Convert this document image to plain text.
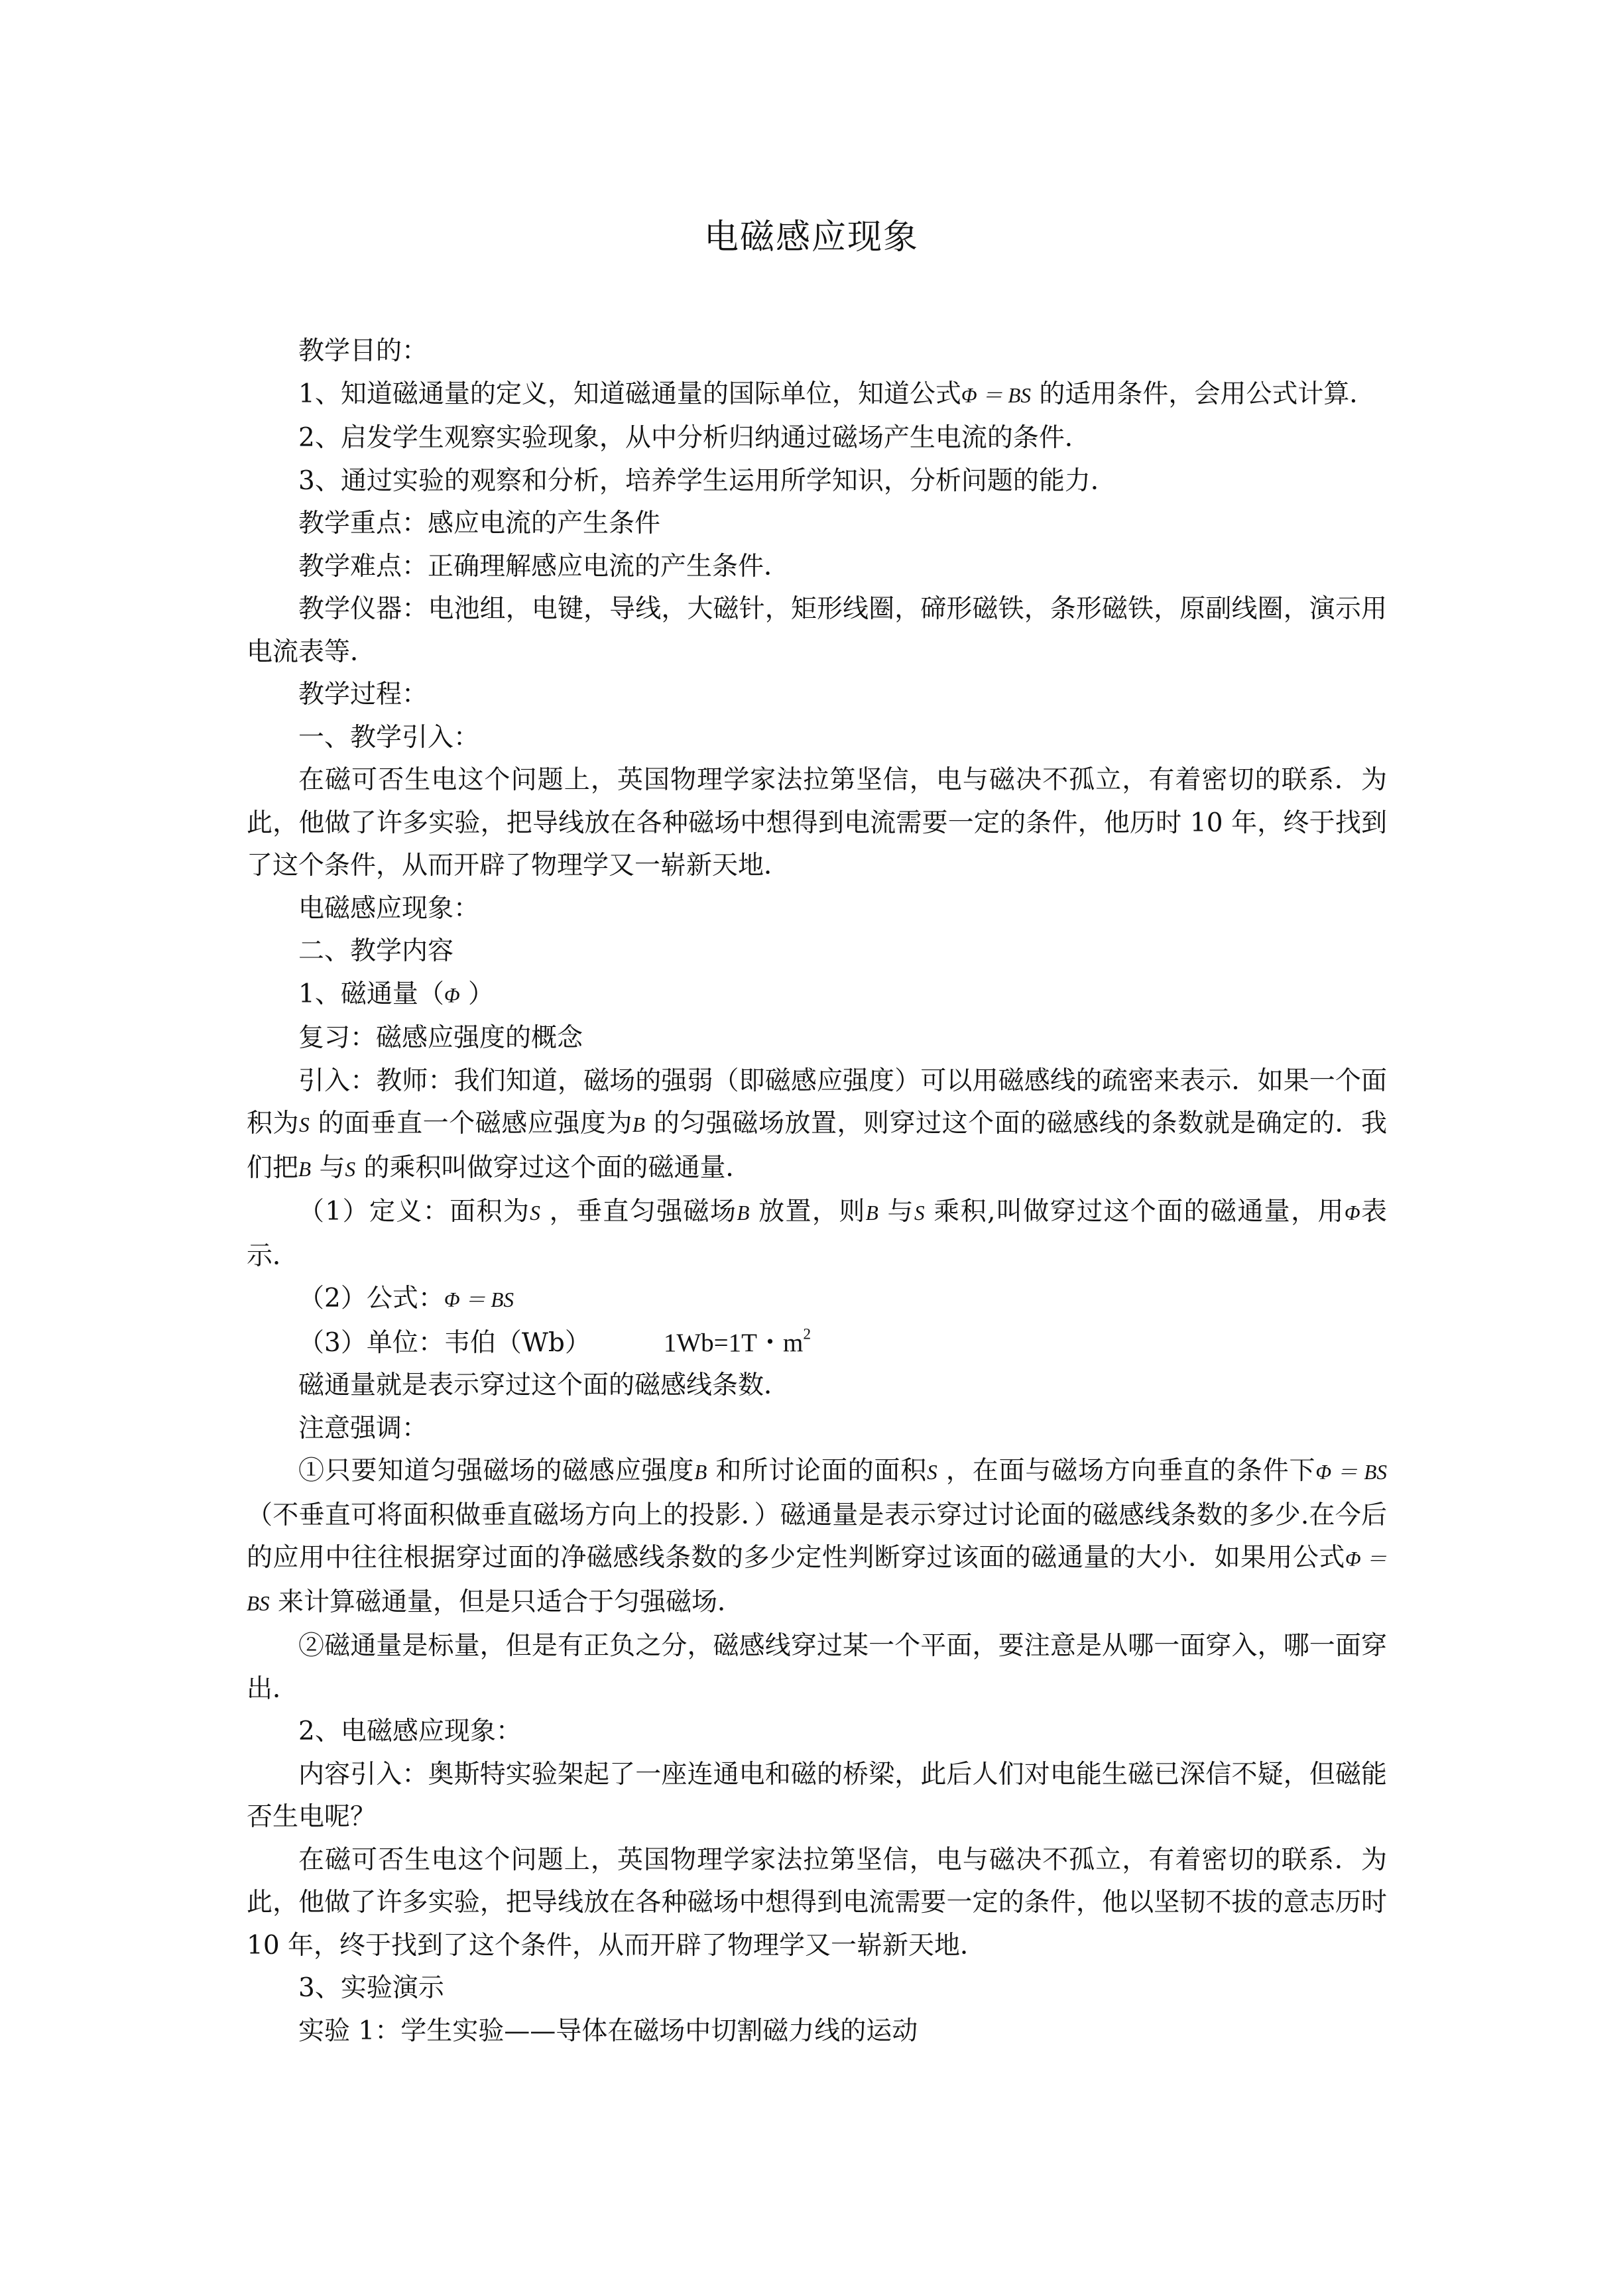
电磁感应现象

教学目的：

1、知道磁通量的定义，知道磁通量的国际单位，知道公式Φ ＝ BS 的适用条件，会用公式计算．

2、启发学生观察实验现象，从中分析归纳通过磁场产生电流的条件．

3、通过实验的观察和分析，培养学生运用所学知识，分析问题的能力．

教学重点：感应电流的产生条件

教学难点：正确理解感应电流的产生条件．

教学仪器：电池组，电键，导线，大磁针，矩形线圈，碲形磁铁，条形磁铁，原副线圈，演示用电流表等．

教学过程：

一、教学引入：

在磁可否生电这个问题上，英国物理学家法拉第坚信，电与磁决不孤立，有着密切的联系．为此，他做了许多实验，把导线放在各种磁场中想得到电流需要一定的条件，他历时 10 年，终于找到了这个条件，从而开辟了物理学又一崭新天地．

电磁感应现象：

二、教学内容

1、磁通量（Φ ）

复习：磁感应强度的概念

引入：教师：我们知道，磁场的强弱（即磁感应强度）可以用磁感线的疏密来表示．如果一个面积为S 的面垂直一个磁感应强度为B 的匀强磁场放置，则穿过这个面的磁感线的条数就是确定的．我们把B 与S 的乘积叫做穿过这个面的磁通量．

（1）定义：面积为S ，垂直匀强磁场B 放置，则B 与S 乘积,叫做穿过这个面的磁通量，用Φ表示．

（2）公式：Φ ＝ BS

（3）单位：韦伯（Wb）	1Wb=1T・$m^2$

磁通量就是表示穿过这个面的磁感线条数．

注意强调：

①只要知道匀强磁场的磁感应强度B 和所讨论面的面积S ，在面与磁场方向垂直的条件下Φ ＝ BS （不垂直可将面积做垂直磁场方向上的投影．）磁通量是表示穿过讨论面的磁感线条数的多少.在今后的应用中往往根据穿过面的净磁感线条数的多少定性判断穿过该面的磁通量的大小．如果用公式Φ ＝ BS 来计算磁通量，但是只适合于匀强磁场．

②磁通量是标量，但是有正负之分，磁感线穿过某一个平面，要注意是从哪一面穿入，哪一面穿出．

2、电磁感应现象：

内容引入：奥斯特实验架起了一座连通电和磁的桥梁，此后人们对电能生磁已深信不疑，但磁能否生电呢？

在磁可否生电这个问题上，英国物理学家法拉第坚信，电与磁决不孤立，有着密切的联系．为此，他做了许多实验，把导线放在各种磁场中想得到电流需要一定的条件，他以坚韧不拔的意志历时 10 年，终于找到了这个条件，从而开辟了物理学又一崭新天地．

3、实验演示

实验 1：学生实验——导体在磁场中切割磁力线的运动
